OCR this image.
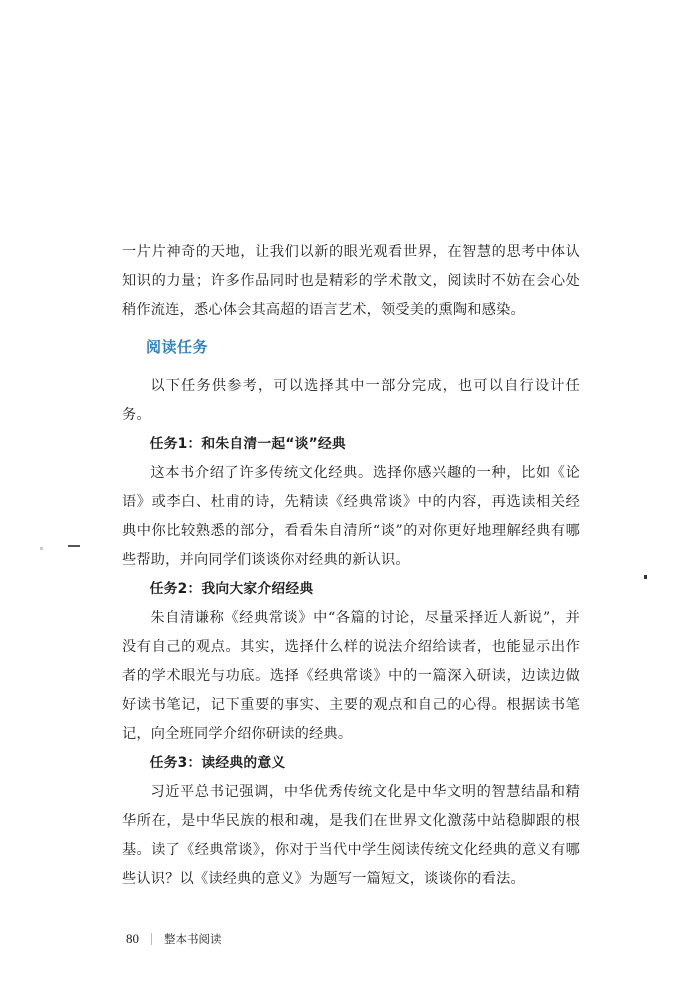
一片片神奇的天地，让我们以新的眼光观看世界，在智慧的思考中体认知识的力量；许多作品同时也是精彩的学术散文，阅读时不妨在会心处稍作流连，悉心体会其高超的语言艺术，领受美的熏陶和感染。

阅读任务

以下任务供参考，可以选择其中一部分完成，也可以自行设计任务。

任务1：和朱自清一起“谈”经典

这本书介绍了许多传统文化经典。选择你感兴趣的一种，比如《论语》或李白、杜甫的诗，先精读《经典常谈》中的内容，再选读相关经典中你比较熟悉的部分，看看朱自清所“谈”的对你更好地理解经典有哪些帮助，并向同学们谈谈你对经典的新认识。

任务2：我向大家介绍经典

朱自清谦称《经典常谈》中“各篇的讨论，尽量采择近人新说”，并没有自己的观点。其实，选择什么样的说法介绍给读者，也能显示出作者的学术眼光与功底。选择《经典常谈》中的一篇深入研读，边读边做好读书笔记，记下重要的事实、主要的观点和自己的心得。根据读书笔记，向全班同学介绍你研读的经典。

任务3：读经典的意义

习近平总书记强调，中华优秀传统文化是中华文明的智慧结晶和精华所在，是中华民族的根和魂，是我们在世界文化激荡中站稳脚跟的根基。读了《经典常谈》，你对于当代中学生阅读传统文化经典的意义有哪些认识？以《读经典的意义》为题写一篇短文，谈谈你的看法。

80 整本书阅读
